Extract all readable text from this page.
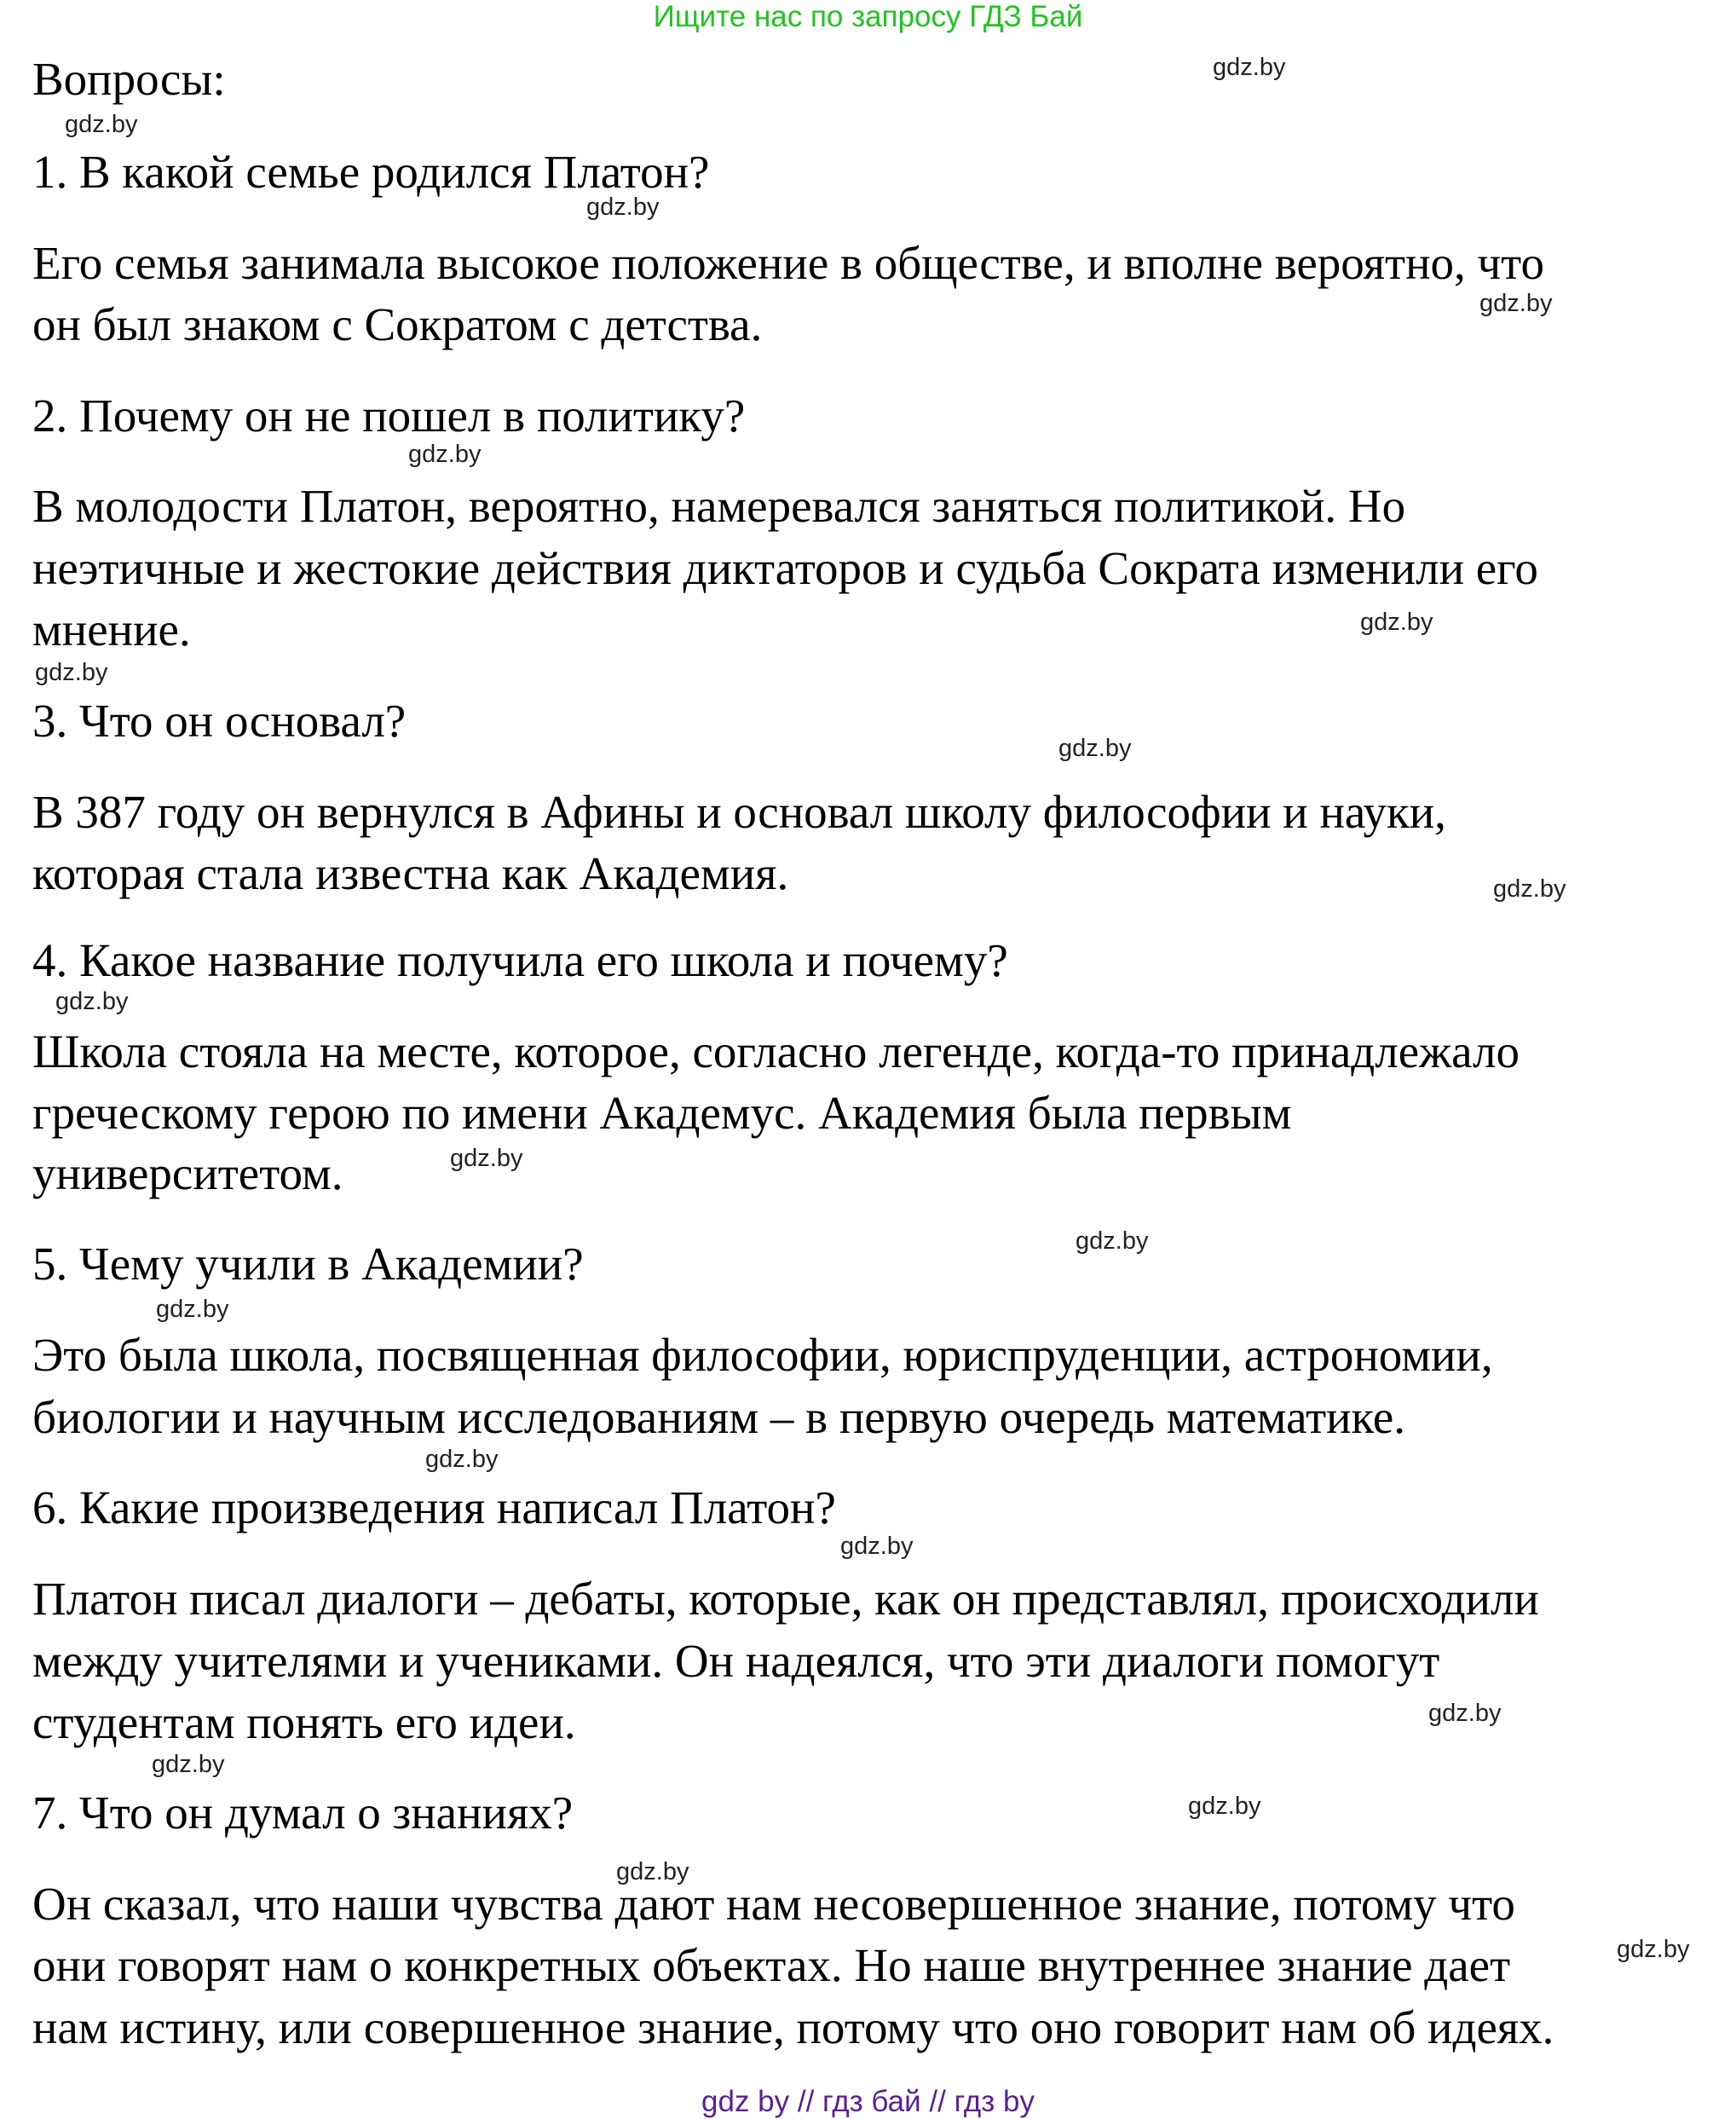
Ищите нас по запросу ГДЗ Бай
Вопросы:
1. В какой семье родился Платон?
Его семья занимала высокое положение в обществе, и вполне вероятно, что
он был знаком с Сократом с детства.
2. Почему он не пошел в политику?
В молодости Платон, вероятно, намеревался заняться политикой. Но
неэтичные и жестокие действия диктаторов и судьба Сократа изменили его
мнение.
3. Что он основал?
В 387 году он вернулся в Афины и основал школу философии и науки,
которая стала известна как Академия.
4. Какое название получила его школа и почему?
Школа стояла на месте, которое, согласно легенде, когда-то принадлежало
греческому герою по имени Академус. Академия была первым
университетом.
5. Чему учили в Академии?
Это была школа, посвященная философии, юриспруденции, астрономии,
биологии и научным исследованиям – в первую очередь математике.
6. Какие произведения написал Платон?
Платон писал диалоги – дебаты, которые, как он представлял, происходили
между учителями и учениками. Он надеялся, что эти диалоги помогут
студентам понять его идеи.
7. Что он думал о знаниях?
Он сказал, что наши чувства дают нам несовершенное знание, потому что
они говорят нам о конкретных объектах. Но наше внутреннее знание дает
нам истину, или совершенное знание, потому что оно говорит нам об идеях.
gdz.by
gdz.by
gdz.by
gdz.by
gdz.by
gdz.by
gdz.by
gdz.by
gdz.by
gdz.by
gdz.by
gdz.by
gdz.by
gdz.by
gdz.by
gdz.by
gdz.by
gdz.by
gdz.by
gdz.by
gdz by // гдз бай // гдз by
